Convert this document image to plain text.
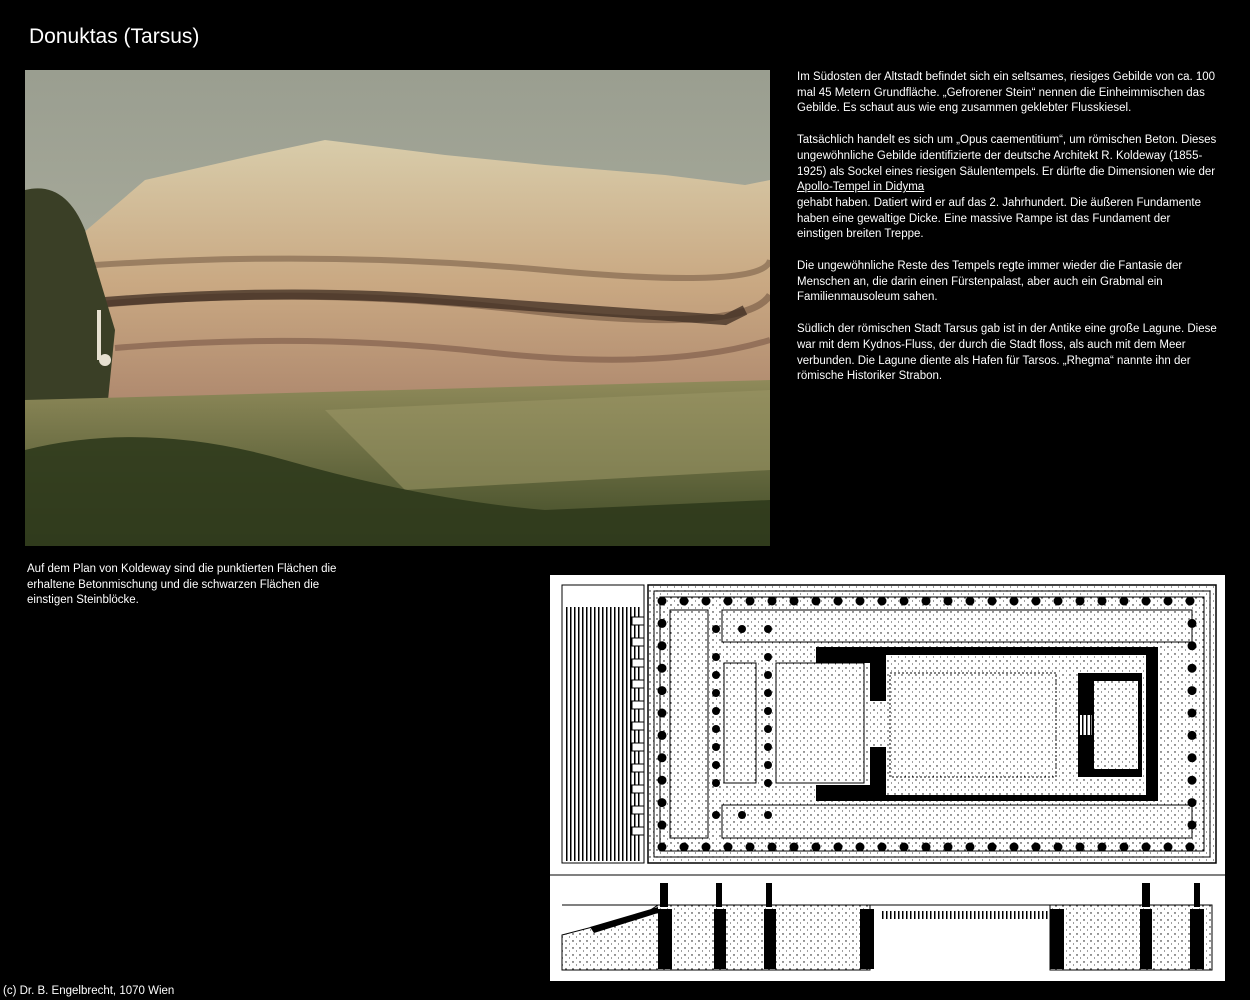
Donuktas (Tarsus)

Im Südosten der Altstadt befindet sich ein seltsames, riesiges Gebilde von ca. 100 mal 45 Metern Grundfläche. „Gefrorener Stein“ nennen die Einheimmischen das Gebilde. Es schaut aus wie eng zusammen geklebter Flusskiesel.

Tatsächlich handelt es sich um „Opus caementitium“, um römischen Beton. Dieses ungewöhnliche Gebilde identifizierte der deutsche Architekt R. Koldeway (1855-1925) als Sockel eines riesigen Säulentempels. Er dürfte die Dimensionen wie der
Apollo-Tempel in Didyma
gehabt haben. Datiert wird er auf das 2. Jahrhundert. Die äußeren Fundamente haben eine gewaltige Dicke. Eine massive Rampe ist das Fundament der einstigen breiten Treppe.

Die ungewöhnliche Reste des Tempels regte immer wieder die Fantasie der Menschen an, die darin einen Fürstenpalast, aber auch ein Grabmal ein Familienmausoleum sahen.

Südlich der römischen Stadt Tarsus gab ist in der Antike eine große Lagune. Diese war mit dem Kydnos-Fluss, der durch die Stadt floss, als auch mit dem Meer verbunden. Die Lagune diente als Hafen für Tarsos. „Rhegma“ nannte ihn der römische Historiker Strabon.

Auf dem Plan von Koldeway sind die punktierten Flächen die erhaltene Betonmischung und die schwarzen Flächen die einstigen Steinblöcke.

(c) Dr. B. Engelbrecht, 1070 Wien
